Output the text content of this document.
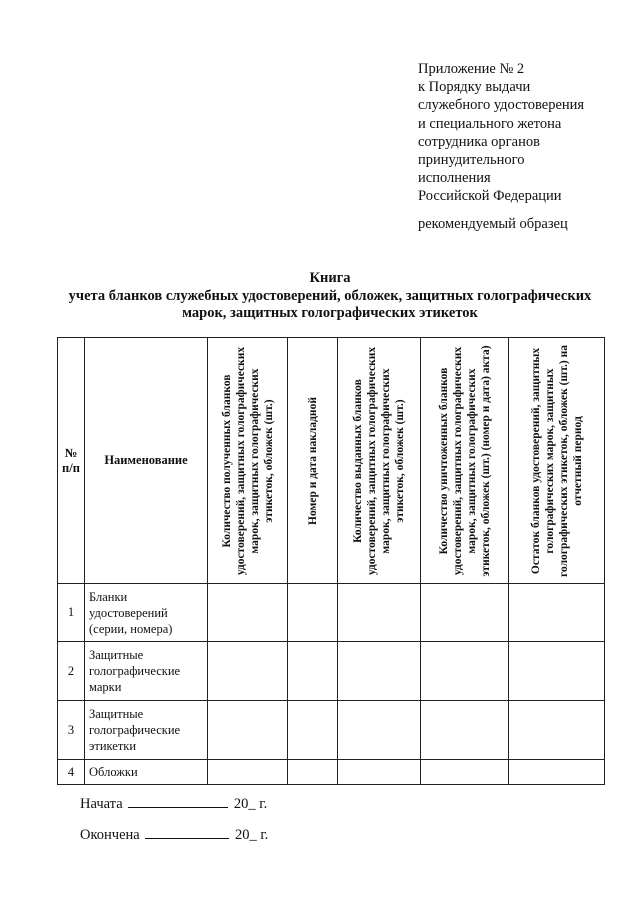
Приложение № 2
к Порядку выдачи
служебного удостоверения
и специального жетона
сотрудника органов
принудительного
исполнения
Российской Федерации
рекомендуемый образец
Книга
учета бланков служебных удостоверений, обложек, защитных голографических
марок, защитных голографических этикеток
№ п/п	Наименование	Количество полученных бланков удостоверений, защитных голографических марок, защитных голографических этикеток, обложек (шт.)	Номер и дата накладной	Количество выданных бланков удостоверений, защитных голографических марок, защитных голографических этикеток, обложек (шт.)	Количество уничтоженных бланков удостоверений, защитных голографических марок, защитных голографических этикеток, обложек (шт.) (номер и дата) акта)	Остаток бланков удостоверений, защитных голографических марок, защитных голографических этикеток, обложек (шт.) на отчетный период

1	Бланки удостоверений (серии, номера)					
2	Защитные голографические марки					
3	Защитные голографические этикетки					
4	Обложки					
Начата	20_ г.
Окончена	20_ г.
